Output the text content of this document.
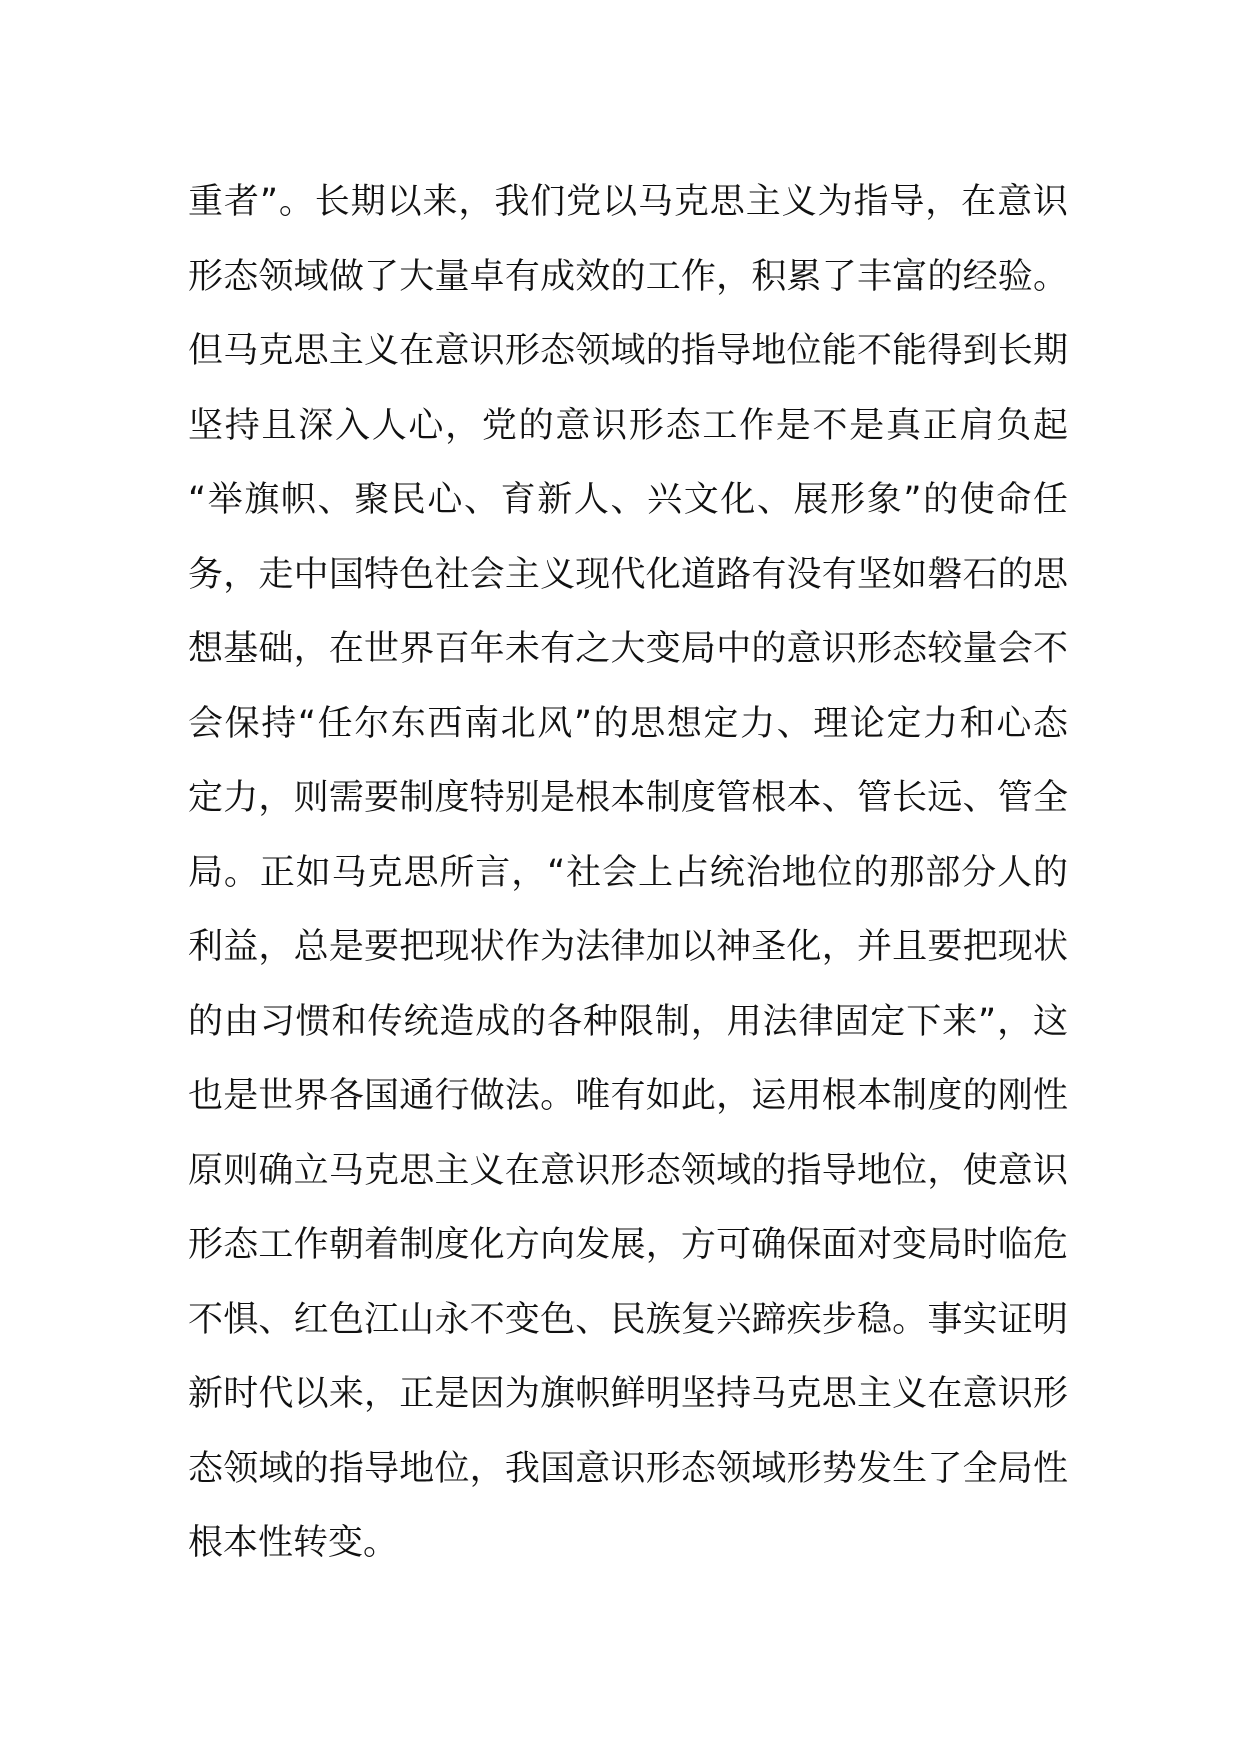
重者”。长期以来，我们党以马克思主义为指导，在意识
形态领域做了大量卓有成效的工作，积累了丰富的经验。
但马克思主义在意识形态领域的指导地位能不能得到长期
坚持且深入人心，党的意识形态工作是不是真正肩负起
“举旗帜、聚民心、育新人、兴文化、展形象”的使命任
务，走中国特色社会主义现代化道路有没有坚如磐石的思
想基础，在世界百年未有之大变局中的意识形态较量会不
会保持“任尔东西南北风”的思想定力、理论定力和心态
定力，则需要制度特别是根本制度管根本、管长远、管全
局。正如马克思所言，“社会上占统治地位的那部分人的
利益，总是要把现状作为法律加以神圣化，并且要把现状
的由习惯和传统造成的各种限制，用法律固定下来”，这
也是世界各国通行做法。唯有如此，运用根本制度的刚性
原则确立马克思主义在意识形态领域的指导地位，使意识
形态工作朝着制度化方向发展，方可确保面对变局时临危
不惧、红色江山永不变色、民族复兴蹄疾步稳。事实证明
新时代以来，正是因为旗帜鲜明坚持马克思主义在意识形
态领域的指导地位，我国意识形态领域形势发生了全局性
根本性转变。
